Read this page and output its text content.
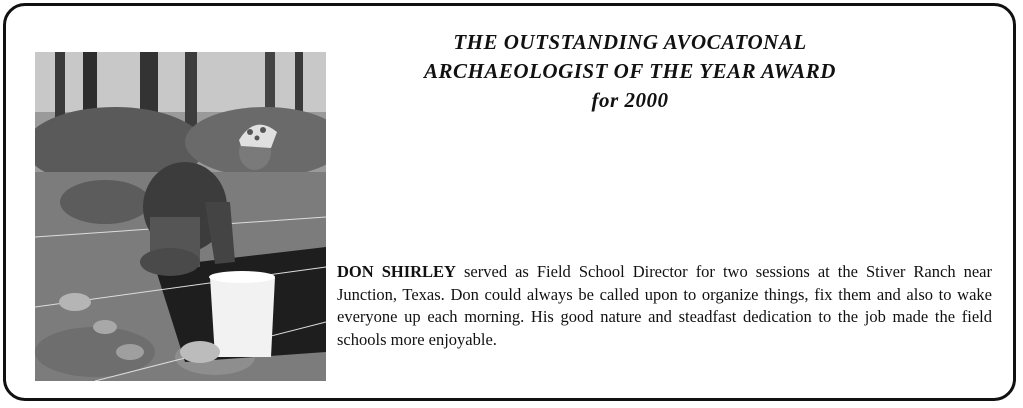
THE OUTSTANDING AVOCATONAL
ARCHAEOLOGIST OF THE YEAR AWARD
for 2000
DON SHIRLEY served as Field School Director for two sessions at the Stiver Ranch near Junction, Texas. Don could always be called upon to organize things, fix them and also to wake everyone up each morning. His good nature and steadfast dedication to the job made the field schools more enjoyable.
